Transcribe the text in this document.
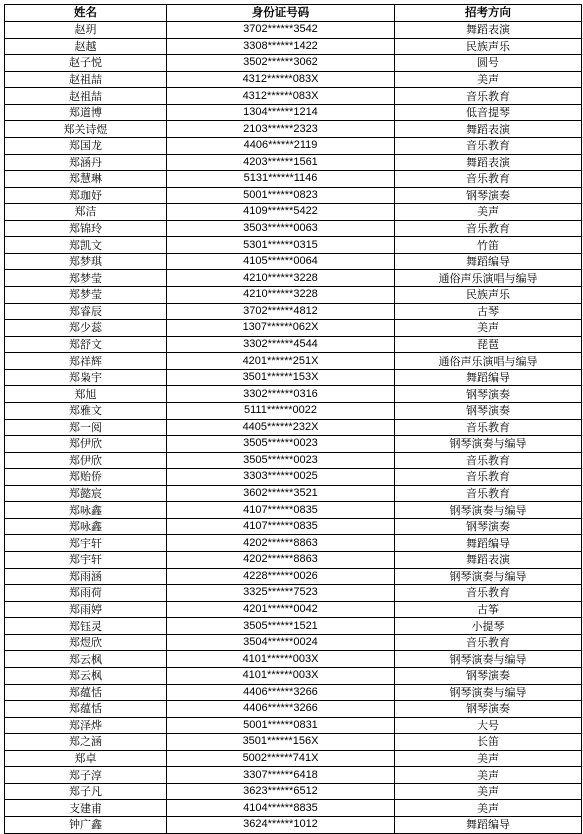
姓名	身份证号码	招考方向
赵玥	3702******3542	舞蹈表演
赵越	3308******1422	民族声乐
赵子悦	3502******3062	圆号
赵祖喆	4312******083X	美声
赵祖喆	4312******083X	音乐教育
郑道博	1304******1214	低音提琴
郑关诗煜	2103******2323	舞蹈表演
郑国龙	4406******2119	音乐教育
郑涵丹	4203******1561	舞蹈表演
郑慧琳	5131******1146	音乐教育
郑珈妤	5001******0823	钢琴演奏
郑洁	4109******5422	美声
郑锦玲	3503******0063	音乐教育
郑凯文	5301******0315	竹笛
郑梦琪	4105******0064	舞蹈编导
郑梦莹	4210******3228	通俗声乐演唱与编导
郑梦莹	4210******3228	民族声乐
郑睿辰	3702******4812	古琴
郑少蕊	1307******062X	美声
郑舒文	3302******4544	琵琶
郑祥辉	4201******251X	通俗声乐演唱与编导
郑枭宇	3501******153X	舞蹈编导
郑旭	3302******0316	钢琴演奏
郑雅文	5111******0022	钢琴演奏
郑一阅	4405******232X	音乐教育
郑伊欣	3505******0023	钢琴演奏与编导
郑伊欣	3505******0023	音乐教育
郑贻侨	3303******0025	音乐教育
郑懿宸	3602******3521	音乐教育
郑咏鑫	4107******0835	钢琴演奏与编导
郑咏鑫	4107******0835	钢琴演奏
郑宇轩	4202******8863	舞蹈编导
郑宇轩	4202******8863	舞蹈表演
郑雨涵	4228******0026	钢琴演奏与编导
郑雨荷	3325******7523	音乐教育
郑雨婷	4201******0042	古筝
郑钰灵	3505******1521	小提琴
郑煜欣	3504******0024	音乐教育
郑云枫	4101******003X	钢琴演奏与编导
郑云枫	4101******003X	钢琴演奏
郑蕴恬	4406******3266	钢琴演奏与编导
郑蕴恬	4406******3266	钢琴演奏
郑泽烨	5001******0831	大号
郑之涵	3501******156X	长笛
郑卓	5002******741X	美声
郑子淳	3307******6418	美声
郑子凡	3623******6512	美声
支建甫	4104******8835	美声
钟广鑫	3624******1012	舞蹈编导
